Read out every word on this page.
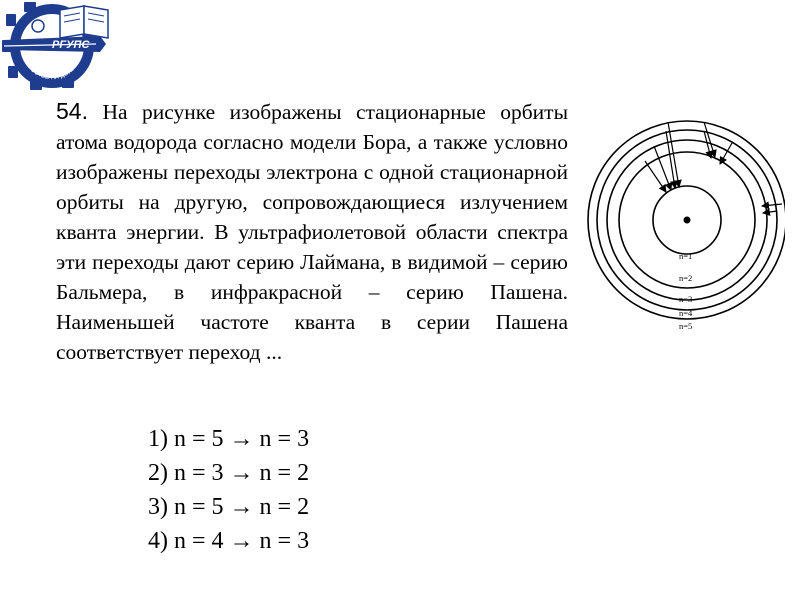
РГУПС
РОСТОВ-НА-ДОНУ

54. На рисунке изображены стационарные орбиты атома водорода согласно модели Бора, а также условно изображены переходы электрона с одной стационарной орбиты на другую, сопровождающиеся излучением кванта энергии. В ультрафиолетовой области спектра эти переходы дают серию Лаймана, в видимой – серию Бальмера, в инфракрасной – серию Пашена. Наименьшей частоте кванта в серии Пашена соответствует переход ...

n=1
n=2
n=3
n=4
n=5
1) n = 5 → n = 3
2) n = 3 → n = 2
3) n = 5 → n = 2
4) n = 4 → n = 3
